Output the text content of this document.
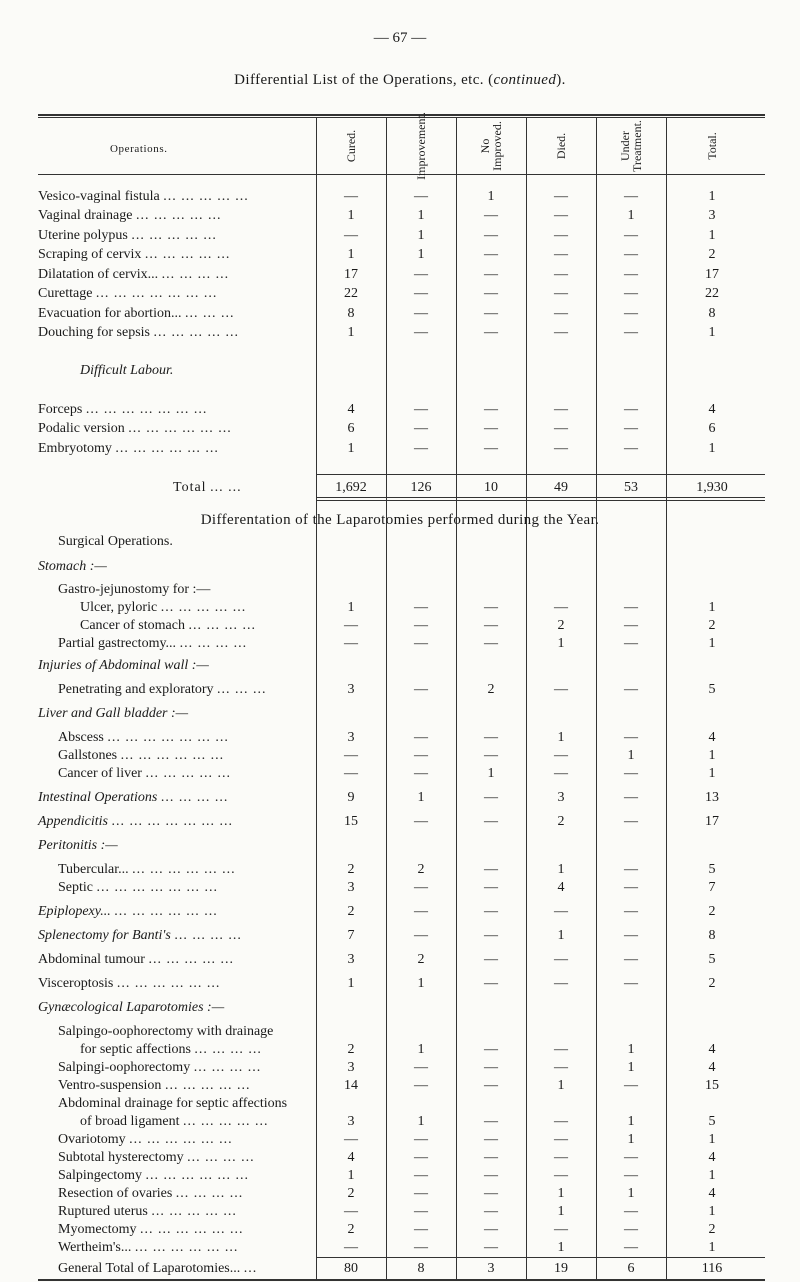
— 67 —
Differential List of the Operations, etc. (continued).
Operations.	Cured.	Improvement.	No Improved.	Died.	Under Treatment.	Total.
Vesico-vaginal fistula ... ... ... ... ...	—	—	1	—	—	1
Vaginal drainage ... ... ... ... ...	1	1	—	—	1	3
Uterine polypus ... ... ... ... ...	—	1	—	—	—	1
Scraping of cervix ... ... ... ... ...	1	1	—	—	—	2
Dilatation of cervix... ... ... ... ...	17	—	—	—	—	17
Curettage ... ... ... ... ... ... ...	22	—	—	—	—	22
Evacuation for abortion... ... ... ...	8	—	—	—	—	8
Douching for sepsis ... ... ... ... ...	1	—	—	—	—	1
Difficult Labour.
Forceps ... ... ... ... ... ... ...	4	—	—	—	—	4
Podalic version ... ... ... ... ... ...	6	—	—	—	—	6
Embryotomy ... ... ... ... ... ...	1	—	—	—	—	1
Total ... ...	1,692	126	10	49	53	1,930
Differentation of the Laparotomies performed during the Year.
Surgical Operations.
Stomach :—
Gastro-jejunostomy for :—
Ulcer, pyloric ... ... ... ... ...	1	—	—	—	—	1
Cancer of stomach ... ... ... ...	—	—	—	2	—	2
Partial gastrectomy... ... ... ... ...	—	—	—	1	—	1
Injuries of Abdominal wall :—
Penetrating and exploratory ... ... ...	3	—	2	—	—	5
Liver and Gall bladder :—
Abscess ... ... ... ... ... ... ...	3	—	—	1	—	4
Gallstones ... ... ... ... ... ...	—	—	—	—	1	1
Cancer of liver ... ... ... ... ...	—	—	1	—	—	1
Intestinal Operations ... ... ... ...	9	1	—	3	—	13
Appendicitis ... ... ... ... ... ... ...	15	—	—	2	—	17
Peritonitis :—
Tubercular... ... ... ... ... ... ...	2	2	—	1	—	5
Septic ... ... ... ... ... ... ...	3	—	—	4	—	7
Epiplopexy... ... ... ... ... ... ...	2	—	—	—	—	2
Splenectomy for Banti's ... ... ... ...	7	—	—	1	—	8
Abdominal tumour ... ... ... ... ...	3	2	—	—	—	5
Visceroptosis ... ... ... ... ... ...	1	1	—	—	—	2
Gynæcological Laparotomies :—
Salpingo-oophorectomy with drainage
for septic affections ... ... ... ...	2	1	—	—	1	4
Salpingi-oophorectomy ... ... ... ...	3	—	—	—	1	4
Ventro-suspension ... ... ... ... ...	14	—	—	1	—	15
Abdominal drainage for septic affections
of broad ligament ... ... ... ... ...	3	1	—	—	1	5
Ovariotomy ... ... ... ... ... ...	—	—	—	—	1	1
Subtotal hysterectomy ... ... ... ...	4	—	—	—	—	4
Salpingectomy ... ... ... ... ... ...	1	—	—	—	—	1
Resection of ovaries ... ... ... ...	2	—	—	1	1	4
Ruptured uterus ... ... ... ... ...	—	—	—	1	—	1
Myomectomy ... ... ... ... ... ...	2	—	—	—	—	2
Wertheim's... ... ... ... ... ... ...	—	—	—	1	—	1
General Total of Laparotomies... ...	80	8	3	19	6	116
